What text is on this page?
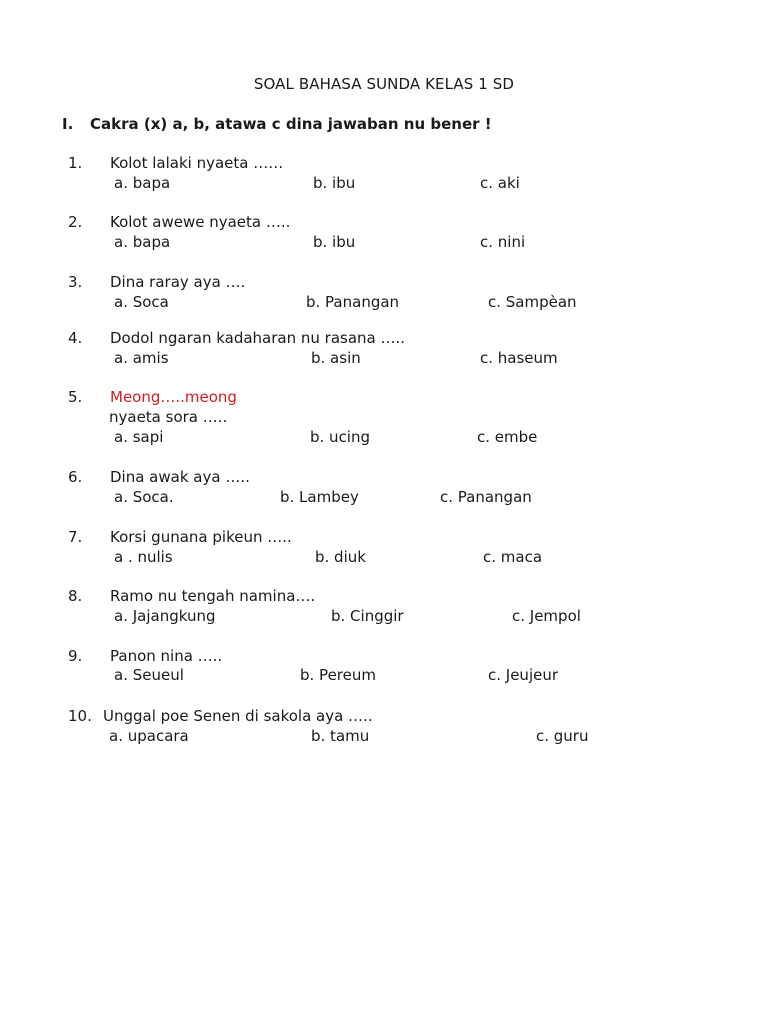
SOAL BAHASA SUNDA KELAS 1 SD
I. Cakra (x) a, b, atawa c dina jawaban nu bener !
1. Kolot lalaki nyaeta ……
a. bapa	b. ibu	c. aki
2. Kolot awewe nyaeta …..
a. bapa	b. ibu	c. nini
3. Dina raray aya ….
a. Soca	b. Panangan	c. Sampèan
4. Dodol ngaran kadaharan nu rasana …..
a. amis	b. asin	c. haseum
5. Meong…..meong
nyaeta sora …..
a. sapi	b. ucing	c. embe
6. Dina awak aya …..
a. Soca.	b. Lambey	c. Panangan
7. Korsi gunana pikeun …..
a . nulis	b. diuk	c. maca
8. Ramo nu tengah namina….
a. Jajangkung	b. Cinggir	c. Jempol
9. Panon nina …..
a. Seueul	b. Pereum	c. Jeujeur
10. Unggal poe Senen di sakola aya …..
a. upacara	b. tamu	c. guru
